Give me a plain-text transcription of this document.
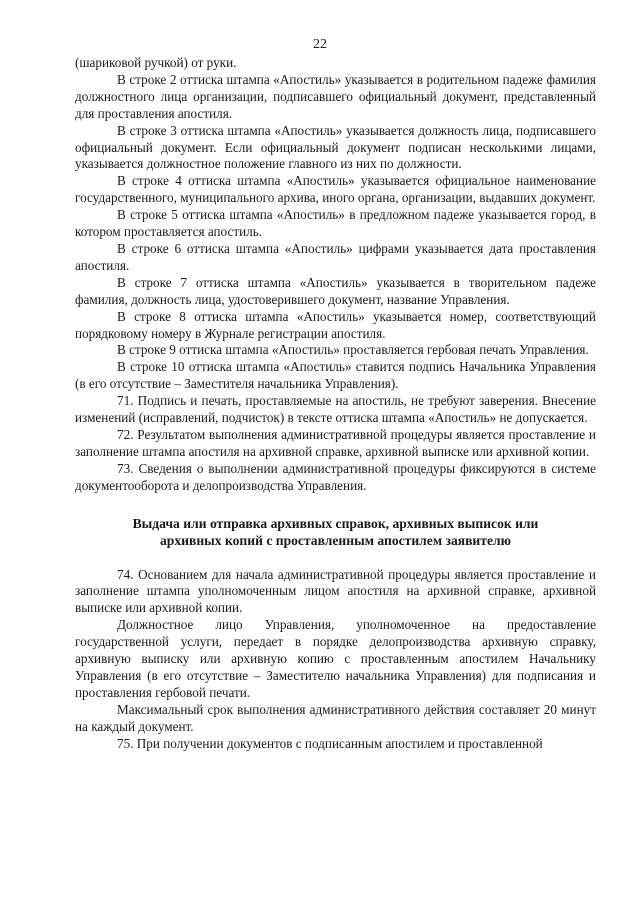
22

(шариковой ручкой) от руки.

В строке 2 оттиска штампа «Апостиль» указывается в родительном падеже фамилия должностного лица организации, подписавшего официальный документ, представленный для проставления апостиля.

В строке 3 оттиска штампа «Апостиль» указывается должность лица, подписавшего официальный документ. Если официальный документ подписан несколькими лицами, указывается должностное положение главного из них по должности.

В строке 4 оттиска штампа «Апостиль» указывается официальное наименование государственного, муниципального архива, иного органа, организации, выдавших документ.

В строке 5 оттиска штампа «Апостиль» в предложном падеже указывается город, в котором проставляется апостиль.

В строке 6 оттиска штампа «Апостиль» цифрами указывается дата проставления апостиля.

В строке 7 оттиска штампа «Апостиль» указывается в творительном падеже фамилия, должность лица, удостоверившего документ, название Управления.

В строке 8 оттиска штампа «Апостиль» указывается номер, соответствующий порядковому номеру в Журнале регистрации апостиля.

В строке 9 оттиска штампа «Апостиль» проставляется гербовая печать Управления.

В строке 10 оттиска штампа «Апостиль» ставится подпись Начальника Управления (в его отсутствие – Заместителя начальника Управления).

71. Подпись и печать, проставляемые на апостиль, не требуют заверения. Внесение изменений (исправлений, подчисток) в тексте оттиска штампа «Апостиль» не допускается.

72. Результатом выполнения административной процедуры является проставление и заполнение штампа апостиля на архивной справке, архивной выписке или архивной копии.

73. Сведения о выполнении административной процедуры фиксируются в системе документооборота и делопроизводства Управления.

Выдача или отправка архивных справок, архивных выписок или архивных копий с проставленным апостилем заявителю

74. Основанием для начала административной процедуры является проставление и заполнение штампа уполномоченным лицом апостиля на архивной справке, архивной выписке или архивной копии.

Должностное лицо Управления, уполномоченное на предоставление государственной услуги, передает в порядке делопроизводства архивную справку, архивную выписку или архивную копию с проставленным апостилем Начальнику Управления (в его отсутствие – Заместителю начальника Управления) для подписания и проставления гербовой печати.

Максимальный срок выполнения административного действия составляет 20 минут на каждый документ.

75. При получении документов с подписанным апостилем и проставленной
